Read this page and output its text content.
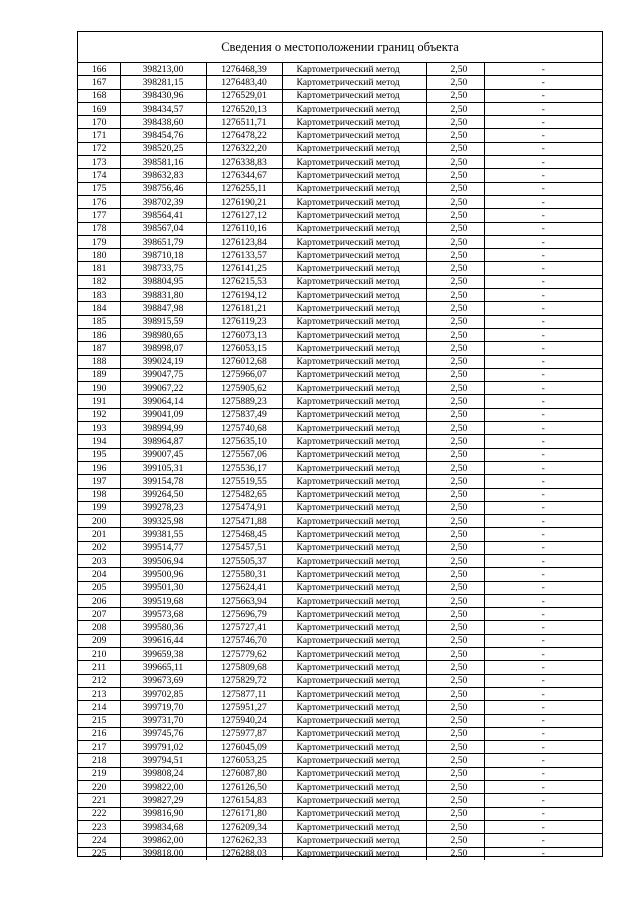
Сведения о местоположении границ объекта
166	398213,00	1276468,39	Картометрический метод	2,50	-
167	398281,15	1276483,40	Картометрический метод	2,50	-
168	398430,96	1276529,01	Картометрический метод	2,50	-
169	398434,57	1276520,13	Картометрический метод	2,50	-
170	398438,60	1276511,71	Картометрический метод	2,50	-
171	398454,76	1276478,22	Картометрический метод	2,50	-
172	398520,25	1276322,20	Картометрический метод	2,50	-
173	398581,16	1276338,83	Картометрический метод	2,50	-
174	398632,83	1276344,67	Картометрический метод	2,50	-
175	398756,46	1276255,11	Картометрический метод	2,50	-
176	398702,39	1276190,21	Картометрический метод	2,50	-
177	398564,41	1276127,12	Картометрический метод	2,50	-
178	398567,04	1276110,16	Картометрический метод	2,50	-
179	398651,79	1276123,84	Картометрический метод	2,50	-
180	398710,18	1276133,57	Картометрический метод	2,50	-
181	398733,75	1276141,25	Картометрический метод	2,50	-
182	398804,95	1276215,53	Картометрический метод	2,50	-
183	398831,80	1276194,12	Картометрический метод	2,50	-
184	398847,98	1276181,21	Картометрический метод	2,50	-
185	398915,59	1276119,23	Картометрический метод	2,50	-
186	398980,65	1276073,13	Картометрический метод	2,50	-
187	398998,07	1276053,15	Картометрический метод	2,50	-
188	399024,19	1276012,68	Картометрический метод	2,50	-
189	399047,75	1275966,07	Картометрический метод	2,50	-
190	399067,22	1275905,62	Картометрический метод	2,50	-
191	399064,14	1275889,23	Картометрический метод	2,50	-
192	399041,09	1275837,49	Картометрический метод	2,50	-
193	398994,99	1275740,68	Картометрический метод	2,50	-
194	398964,87	1275635,10	Картометрический метод	2,50	-
195	399007,45	1275567,06	Картометрический метод	2,50	-
196	399105,31	1275536,17	Картометрический метод	2,50	-
197	399154,78	1275519,55	Картометрический метод	2,50	-
198	399264,50	1275482,65	Картометрический метод	2,50	-
199	399278,23	1275474,91	Картометрический метод	2,50	-
200	399325,98	1275471,88	Картометрический метод	2,50	-
201	399381,55	1275468,45	Картометрический метод	2,50	-
202	399514,77	1275457,51	Картометрический метод	2,50	-
203	399506,94	1275505,37	Картометрический метод	2,50	-
204	399500,96	1275580,31	Картометрический метод	2,50	-
205	399501,30	1275624,41	Картометрический метод	2,50	-
206	399519,68	1275663,94	Картометрический метод	2,50	-
207	399573,68	1275696,79	Картометрический метод	2,50	-
208	399580,36	1275727,41	Картометрический метод	2,50	-
209	399616,44	1275746,70	Картометрический метод	2,50	-
210	399659,38	1275779,62	Картометрический метод	2,50	-
211	399665,11	1275809,68	Картометрический метод	2,50	-
212	399673,69	1275829,72	Картометрический метод	2,50	-
213	399702,85	1275877,11	Картометрический метод	2,50	-
214	399719,70	1275951,27	Картометрический метод	2,50	-
215	399731,70	1275940,24	Картометрический метод	2,50	-
216	399745,76	1275977,87	Картометрический метод	2,50	-
217	399791,02	1276045,09	Картометрический метод	2,50	-
218	399794,51	1276053,25	Картометрический метод	2,50	-
219	399808,24	1276087,80	Картометрический метод	2,50	-
220	399822,00	1276126,50	Картометрический метод	2,50	-
221	399827,29	1276154,83	Картометрический метод	2,50	-
222	399816,90	1276171,80	Картометрический метод	2,50	-
223	399834,68	1276209,34	Картометрический метод	2,50	-
224	399862,00	1276262,33	Картометрический метод	2,50	-
225	399818,00	1276288,03	Картометрический метод	2,50	-
